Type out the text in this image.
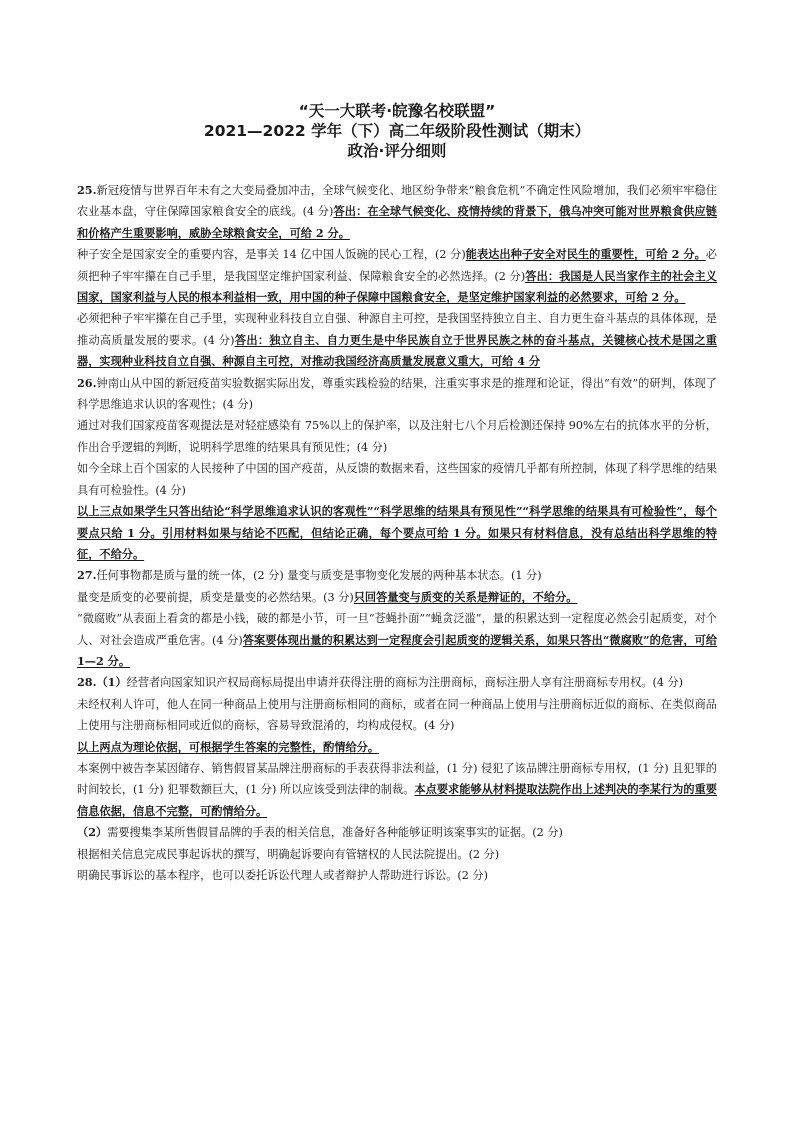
“天一大联考·皖豫名校联盟”
2021—2022 学年（下）高二年级阶段性测试（期末）
政治·评分细则

25.新冠疫情与世界百年未有之大变局叠加冲击，全球气候变化、地区纷争带来“粮食危机”不确定性风险增加，我们必须牢牢稳住农业基本盘，守住保障国家粮食安全的底线。(4 分)答出：在全球气候变化、疫情持续的背景下，俄乌冲突可能对世界粮食供应链和价格产生重要影响，威胁全球粮食安全，可给 2 分。

种子安全是国家安全的重要内容，是事关 14 亿中国人饭碗的民心工程，(2 分)能表达出种子安全对民生的重要性，可给 2 分。必须把种子牢牢攥在自己手里，是我国坚定维护国家利益、保障粮食安全的必然选择。(2 分)答出：我国是人民当家作主的社会主义国家，国家利益与人民的根本利益相一致，用中国的种子保障中国粮食安全，是坚定维护国家利益的必然要求，可给 2 分。

必须把种子牢牢攥在自己手里，实现种业科技自立自强、种源自主可控，是我国坚持独立自主、自力更生奋斗基点的具体体现，是推动高质量发展的要求。(4 分)答出：独立自主、自力更生是中华民族自立于世界民族之林的奋斗基点，关键核心技术是国之重器，实现种业科技自立自强、种源自主可控，对推动我国经济高质量发展意义重大，可给 4 分

26.钟南山从中国的新冠疫苗实验数据实际出发，尊重实践检验的结果，注重实事求是的推理和论证，得出“有效”的研判，体现了科学思维追求认识的客观性；(4 分)

通过对我们国家疫苗客观提法是对轻症感染有 75%以上的保护率，以及注射七八个月后检测还保持 90%左右的抗体水平的分析，作出合乎逻辑的判断，说明科学思维的结果具有预见性；(4 分)

如今全球上百个国家的人民接种了中国的国产疫苗，从反馈的数据来看，这些国家的疫情几乎都有所控制，体现了科学思维的结果具有可检验性。(4 分)

以上三点如果学生只答出结论“科学思维追求认识的客观性”“科学思维的结果具有预见性”“科学思维的结果具有可检验性”，每个要点只给 1 分。引用材料如果与结论不匹配，但结论正确，每个要点可给 1 分。如果只有材料信息，没有总结出科学思维的特征，不给分。

27.任何事物都是质与量的统一体，(2 分) 量变与质变是事物变化发展的两种基本状态。(1 分)

量变是质变的必要前提，质变是量变的必然结果。(3 分)只回答量变与质变的关系是辩证的，不给分。

“微腐败”从表面上看贪的都是小钱，破的都是小节，可一旦“苍蝇扑面”“蝇贪泛滥”，量的积累达到一定程度必然会引起质变，对个人、对社会造成严重危害。(4 分)答案要体现出量的积累达到一定程度会引起质变的逻辑关系，如果只答出“微腐败”的危害，可给 1—2 分。

28.（1）经营者向国家知识产权局商标局提出申请并获得注册的商标为注册商标，商标注册人享有注册商标专用权。(4 分)

未经权利人许可，他人在同一种商品上使用与注册商标相同的商标，或者在同一种商品上使用与注册商标近似的商标、在类似商品上使用与注册商标相同或近似的商标，容易导致混淆的，均构成侵权。(4 分)

以上两点为理论依据，可根据学生答案的完整性，酌情给分。

本案例中被告李某因储存、销售假冒某品牌注册商标的手表获得非法利益，(1 分) 侵犯了该品牌注册商标专用权，(1 分) 且犯罪的时间较长，(1 分) 犯罪数额巨大，(1 分) 所以应该受到法律的制裁。本点要求能够从材料提取法院作出上述判决的李某行为的重要信息依据，信息不完整，可酌情给分。

（2）需要搜集李某所售假冒品牌的手表的相关信息，准备好各种能够证明该案事实的证据。(2 分)

根据相关信息完成民事起诉状的撰写，明确起诉要向有管辖权的人民法院提出。(2 分)

明确民事诉讼的基本程序，也可以委托诉讼代理人或者辩护人帮助进行诉讼。(2 分)
